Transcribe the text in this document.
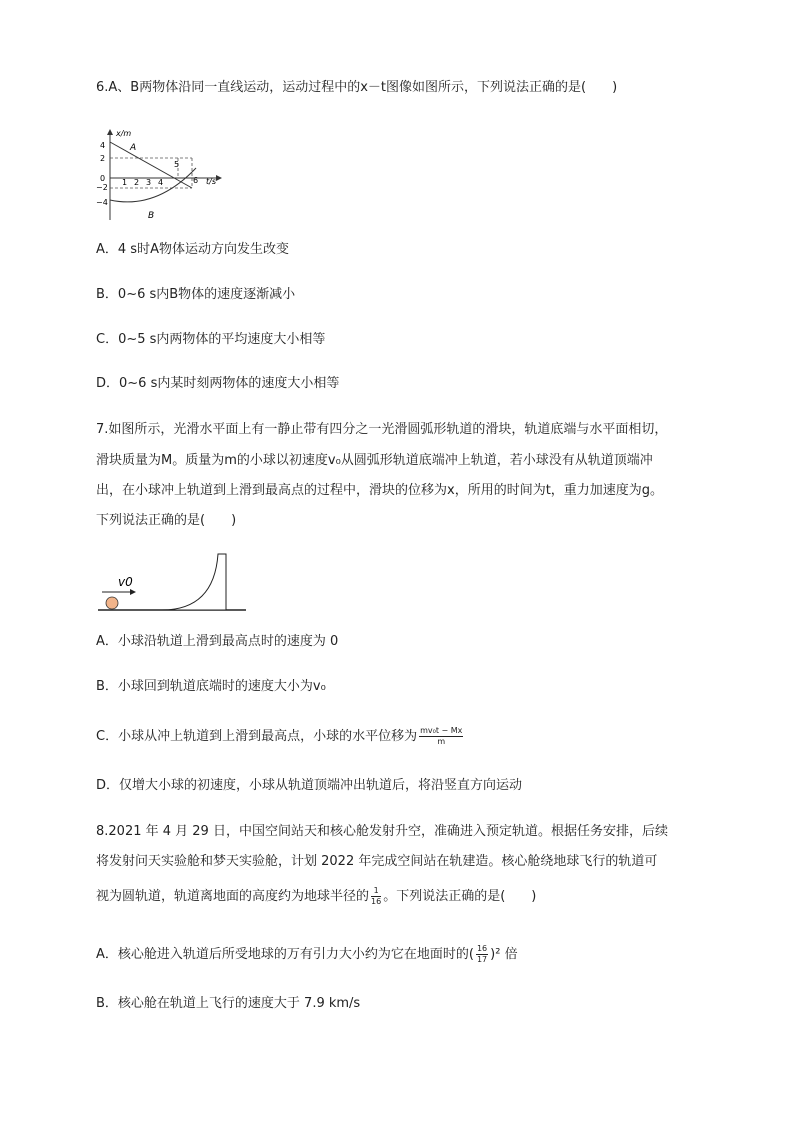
6.A、B两物体沿同一直线运动，运动过程中的x－t图像如图所示，下列说法正确的是(　　)
x/m
t/s
4
2
0
−2
−4
1 2 3 4
5
6
A
B
A．4 s时A物体运动方向发生改变
B．0~6 s内B物体的速度逐渐减小
C．0~5 s内两物体的平均速度大小相等
D．0~6 s内某时刻两物体的速度大小相等
7.如图所示，光滑水平面上有一静止带有四分之一光滑圆弧形轨道的滑块，轨道底端与水平面相切，
滑块质量为M。质量为m的小球以初速度v₀从圆弧形轨道底端冲上轨道，若小球没有从轨道顶端冲
出，在小球冲上轨道到上滑到最高点的过程中，滑块的位移为x，所用的时间为t，重力加速度为g。
下列说法正确的是(　　)
v0
A．小球沿轨道上滑到最高点时的速度为 0
B．小球回到轨道底端时的速度大小为v₀
C．小球从冲上轨道到上滑到最高点，小球的水平位移为 $\frac{\text{mv₀t − Mx}}{m}$
D．仅增大小球的初速度，小球从轨道顶端冲出轨道后，将沿竖直方向运动
8.2021 年 4 月 29 日，中国空间站天和核心舱发射升空，准确进入预定轨道。根据任务安排，后续
将发射问天实验舱和梦天实验舱，计划 2022 年完成空间站在轨建造。核心舱绕地球飞行的轨道可
视为圆轨道，轨道离地面的高度约为地球半径的 $\frac{1}{16}$ 。下列说法正确的是(　　)
A．核心舱进入轨道后所受地球的万有引力大小约为它在地面时的( $\frac{16}{17} )^2$ 倍
B．核心舱在轨道上飞行的速度大于 7.9 km/s
